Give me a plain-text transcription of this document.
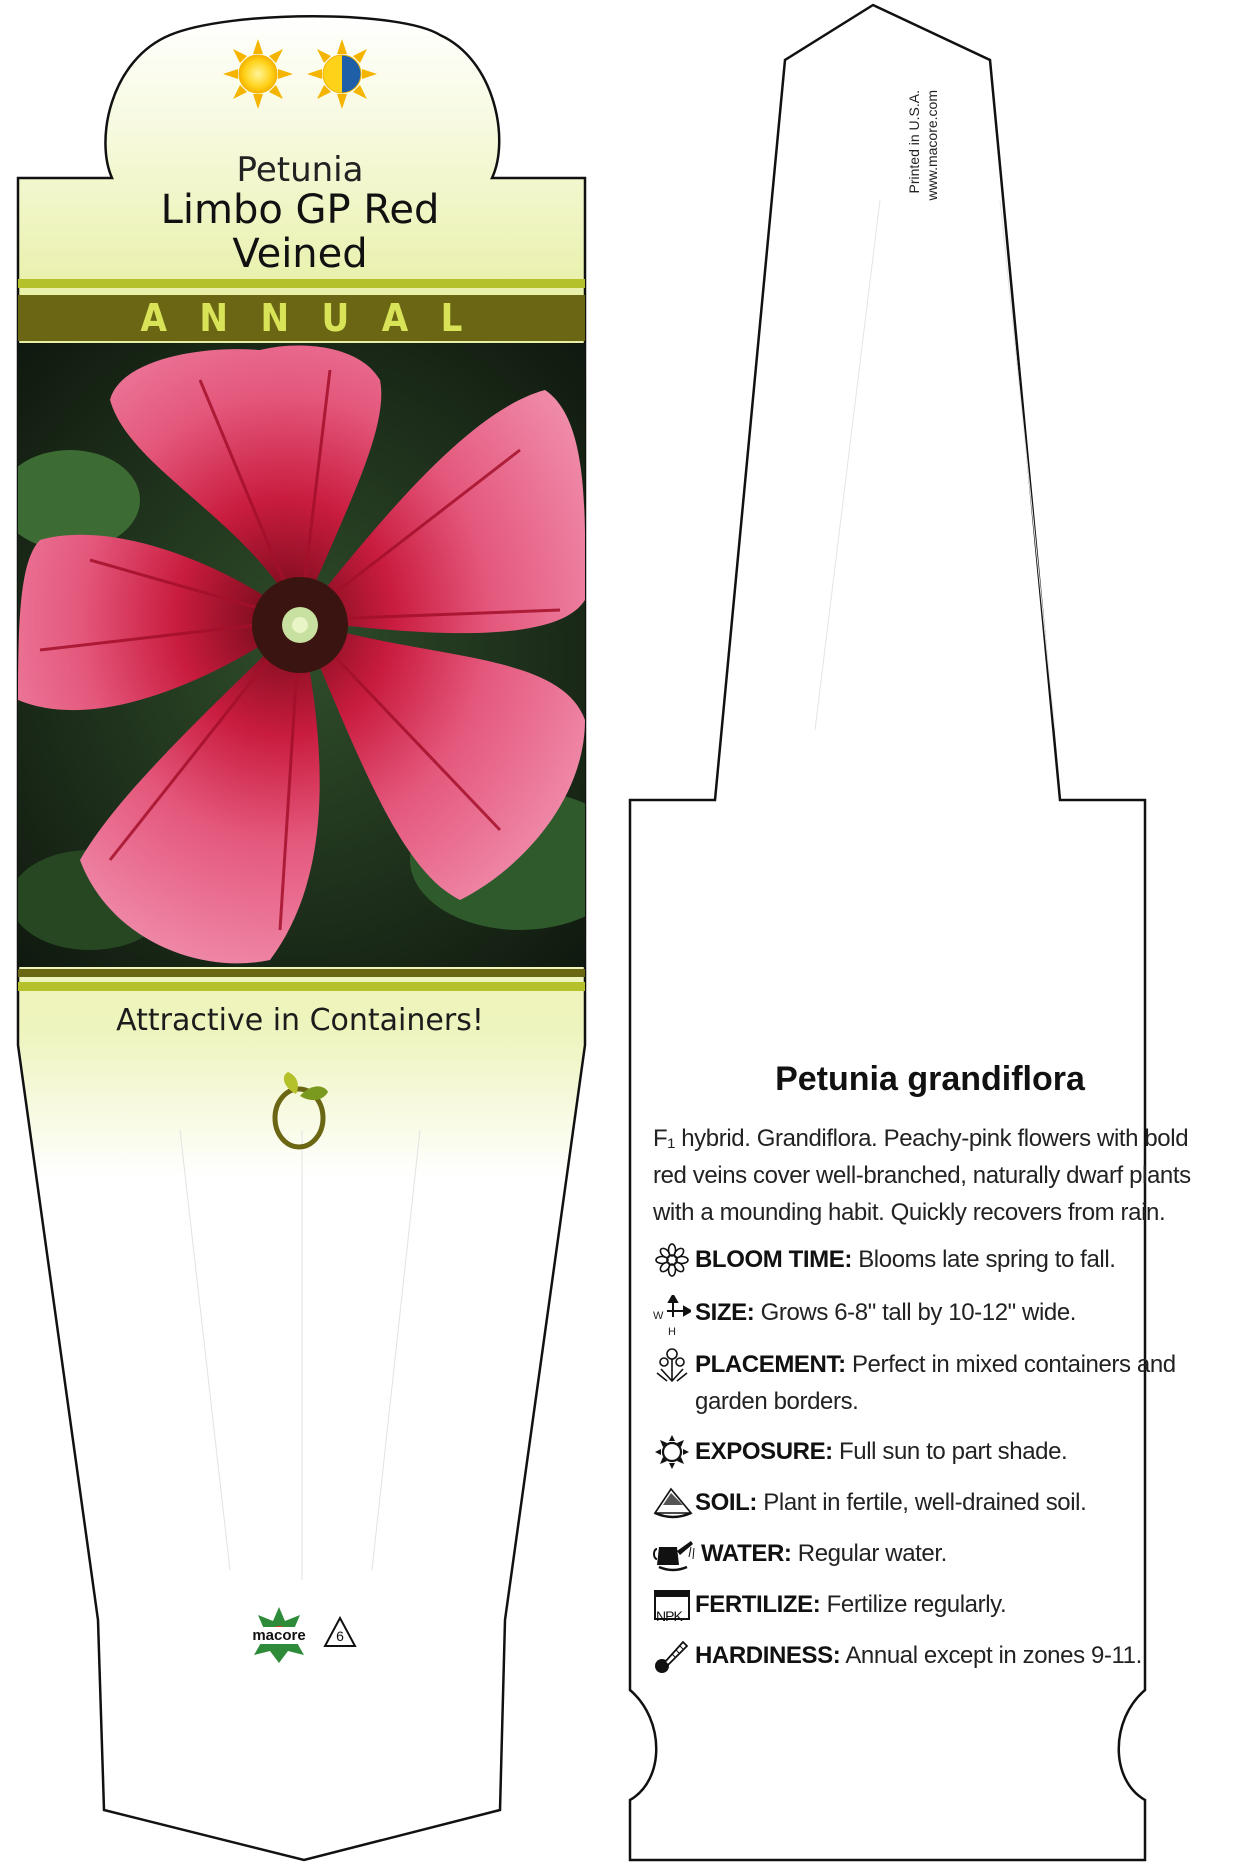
Petunia
Limbo GP Red
Veined
A N N U A L
Attractive in Containers!
macore	6
Printed in U.S.A. www.macore.com
Petunia grandiflora
F₁ hybrid. Grandiflora. Peachy-pink flowers with bold red veins cover well-branched, naturally dwarf plants with a mounding habit. Quickly recovers from rain.
BLOOM TIME: Blooms late spring to fall.
W
H
SIZE: Grows 6-8" tall by 10-12" wide.
PLACEMENT: Perfect in mixed containers and garden borders.
EXPOSURE: Full sun to part shade.
SOIL: Plant in fertile, well-drained soil.
WATER: Regular water.
NPK FERTILIZE: Fertilize regularly.
HARDINESS: Annual except in zones 9-11.
